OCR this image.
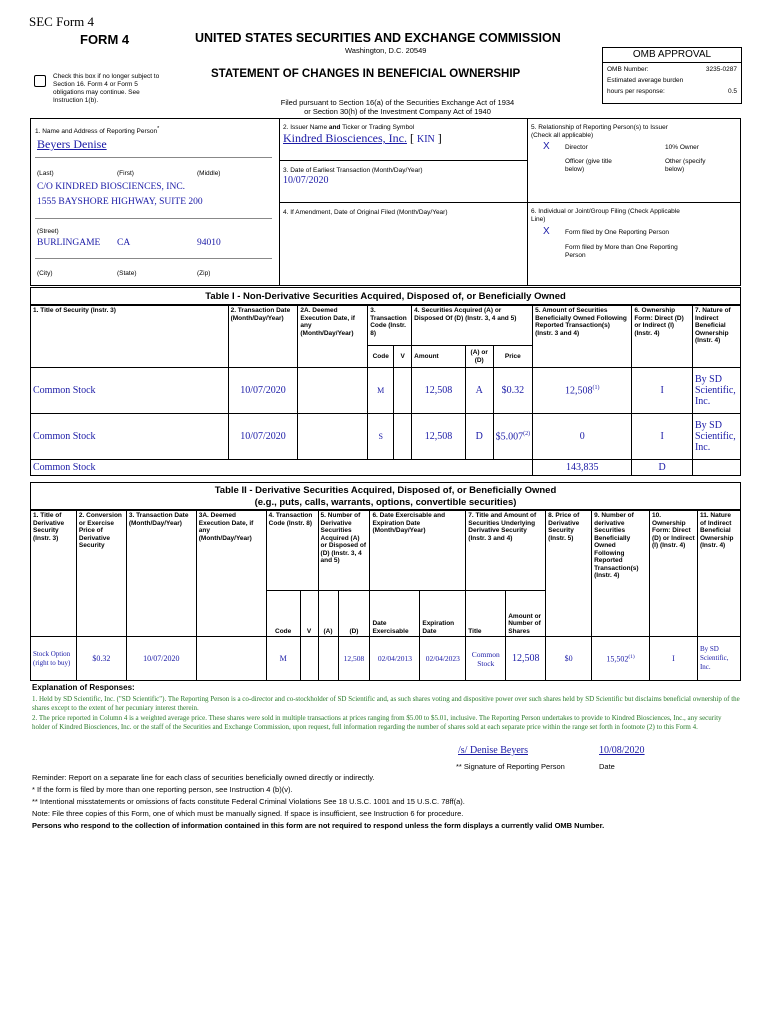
SEC Form 4
FORM 4	UNITED STATES SECURITIES AND EXCHANGE COMMISSION
Washington, D.C. 20549
Check this box if no longer subject to
Section 16. Form 4 or Form 5
obligations may continue. See
Instruction 1(b).
STATEMENT OF CHANGES IN BENEFICIAL OWNERSHIP
Filed pursuant to Section 16(a) of the Securities Exchange Act of 1934
or Section 30(h) of the Investment Company Act of 1940
OMB APPROVAL
OMB Number:	3235-0287
Estimated average burden
hours per response:	0.5
1. Name and Address of Reporting Person*
Beyers Denise
(Last)	(First)	(Middle)
C/O KINDRED BIOSCIENCES, INC.
1555 BAYSHORE HIGHWAY, SUITE 200
(Street)
BURLINGAME CA	94010
(City)	(State)	(Zip)
2. Issuer Name and Ticker or Trading Symbol
Kindred Biosciences, Inc. [ KIN ]
3. Date of Earliest Transaction (Month/Day/Year)
10/07/2020
4. If Amendment, Date of Original Filed (Month/Day/Year)
5. Relationship of Reporting Person(s) to Issuer
(Check all applicable)
X Director	10% Owner
Officer (give title
below)
Other (specify
below)
6. Individual or Joint/Group Filing (Check Applicable
Line)
X Form filed by One Reporting Person
Form filed by More than One Reporting
Person
Table I - Non-Derivative Securities Acquired, Disposed of, or Beneficially Owned
1. Title of Security (Instr. 3)	2. Transaction Date (Month/Day/Year)	2A. Deemed Execution Date, if any (Month/Day/Year)	3. Transaction Code (Instr. 8)		4. Securities Acquired (A) or Disposed Of (D) (Instr. 3, 4 and 5)			5. Amount of Securities Beneficially Owned Following Reported Transaction(s) (Instr. 3 and 4)	6. Ownership Form: Direct (D) or Indirect (I) (Instr. 4)	7. Nature of Indirect Beneficial Ownership (Instr. 4)
			Code	V	Amount	(A) or (D)	Price			
Common Stock	10/07/2020		M		12,508	A	$0.32	12,508$^{(1)}$	I	By SD Scientific, Inc.
Common Stock	10/07/2020		S		12,508	D	$5.007$^{(2)}$	0	I	By SD Scientific, Inc.
Common Stock								143,835	D	
Table II - Derivative Securities Acquired, Disposed of, or Beneficially Owned
(e.g., puts, calls, warrants, options, convertible securities)
1. Title of Derivative Security (Instr. 3)	2. Conversion or Exercise Price of Derivative Security	3. Transaction Date (Month/Day/Year)	3A. Deemed Execution Date, if any (Month/Day/Year)	4. Transaction Code (Instr. 8)		5. Number of Derivative Securities Acquired (A) or Disposed of (D) (Instr. 3, 4 and 5)		6. Date Exercisable and Expiration Date (Month/Day/Year)		7. Title and Amount of Securities Underlying Derivative Security (Instr. 3 and 4)		8. Price of Derivative Security (Instr. 5)	9. Number of derivative Securities Beneficially Owned Following Reported Transaction(s) (Instr. 4)	10. Ownership Form: Direct (D) or Indirect (I) (Instr. 4)	11. Nature of Indirect Beneficial Ownership (Instr. 4)
				Code	V	(A)	(D)	Date Exercisable	Expiration Date	Title	Amount or Number of Shares				
Stock Option (right to buy)	$0.32	10/07/2020		M			12,508	02/04/2013	02/04/2023	Common Stock	12,508	$0	15,502$^{(1)}$	I	By SD Scientific, Inc.
Explanation of Responses:
1. Held by SD Scientific, Inc. ("SD Scientific"). The Reporting Person is a co-director and co-stockholder of SD Scientific and, as such shares voting and dispositive power over such shares held by SD Scientific but disclaims beneficial ownership of the shares except to the extent of her pecuniary interest therein.
2. The price reported in Column 4 is a weighted average price. These shares were sold in multiple transactions at prices ranging from $5.00 to $5.01, inclusive. The Reporting Person undertakes to provide to Kindred Biosciences, Inc., any security holder of Kindred Biosciences, Inc. or the staff of the Securities and Exchange Commission, upon request, full information regarding the number of shares sold at each separate price within the range set forth in footnote (2) to this Form 4.
/s/ Denise Beyers	10/08/2020
** Signature of Reporting Person	Date
Reminder: Report on a separate line for each class of securities beneficially owned directly or indirectly.
* If the form is filed by more than one reporting person, see Instruction 4 (b)(v).
** Intentional misstatements or omissions of facts constitute Federal Criminal Violations See 18 U.S.C. 1001 and 15 U.S.C. 78ff(a).
Note: File three copies of this Form, one of which must be manually signed. If space is insufficient, see Instruction 6 for procedure.
Persons who respond to the collection of information contained in this form are not required to respond unless the form displays a currently valid OMB Number.
